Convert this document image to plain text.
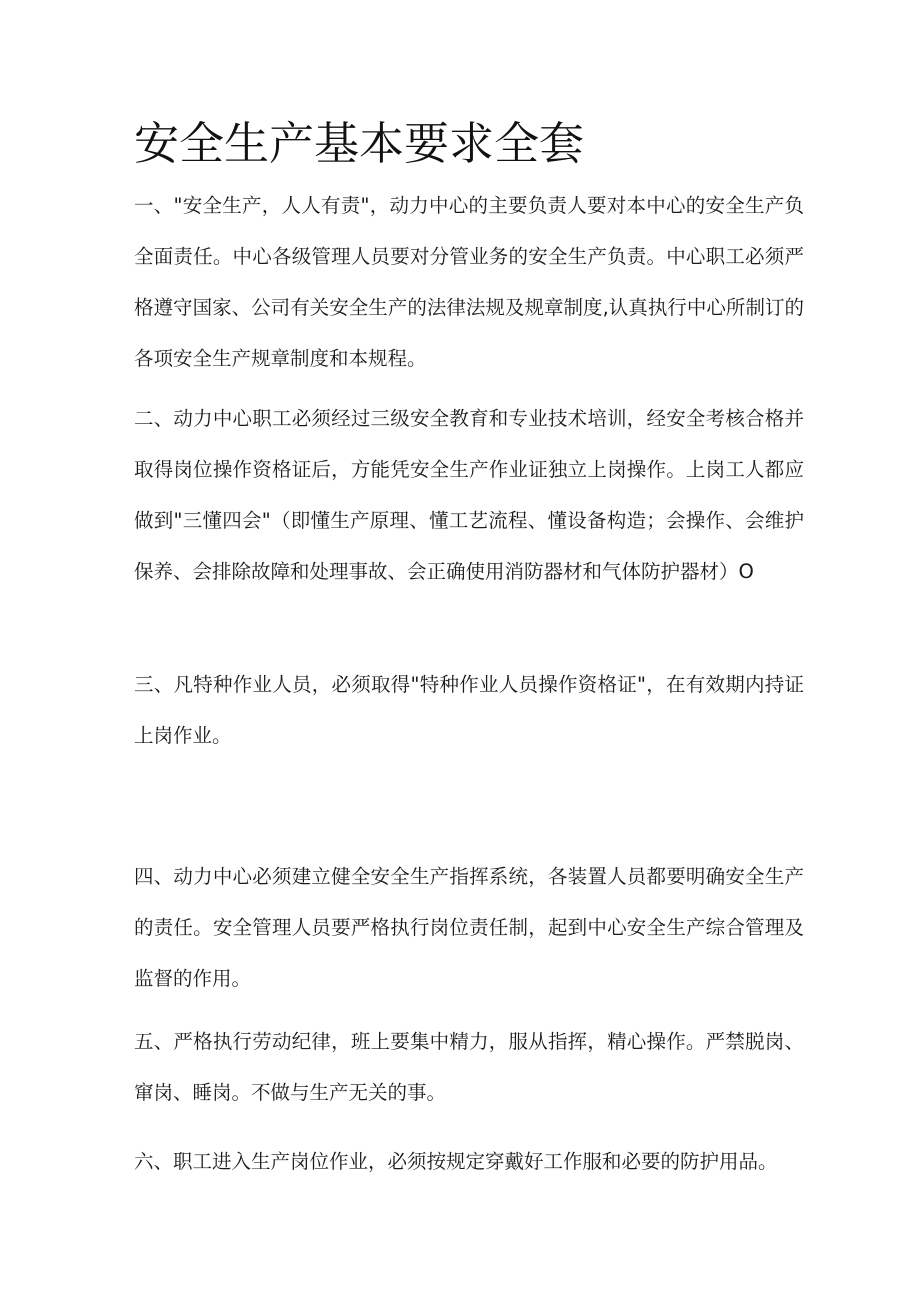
安全生产基本要求全套

一、"安全生产，人人有责"，动力中心的主要负责人要对本中心的安全生产负全面责任。中心各级管理人员要对分管业务的安全生产负责。中心职工必须严格遵守国家、公司有关安全生产的法律法规及规章制度,认真执行中心所制订的各项安全生产规章制度和本规程。

二、动力中心职工必须经过三级安全教育和专业技术培训，经安全考核合格并取得岗位操作资格证后，方能凭安全生产作业证独立上岗操作。上岗工人都应做到"三懂四会"（即懂生产原理、懂工艺流程、懂设备构造；会操作、会维护保养、会排除故障和处理事故、会正确使用消防器材和气体防护器材）O

三、凡特种作业人员，必须取得"特种作业人员操作资格证"，在有效期内持证上岗作业。

四、动力中心必须建立健全安全生产指挥系统，各装置人员都要明确安全生产的责任。安全管理人员要严格执行岗位责任制，起到中心安全生产综合管理及监督的作用。

五、严格执行劳动纪律，班上要集中精力，服从指挥，精心操作。严禁脱岗、窜岗、睡岗。不做与生产无关的事。

六、职工进入生产岗位作业，必须按规定穿戴好工作服和必要的防护用品。
